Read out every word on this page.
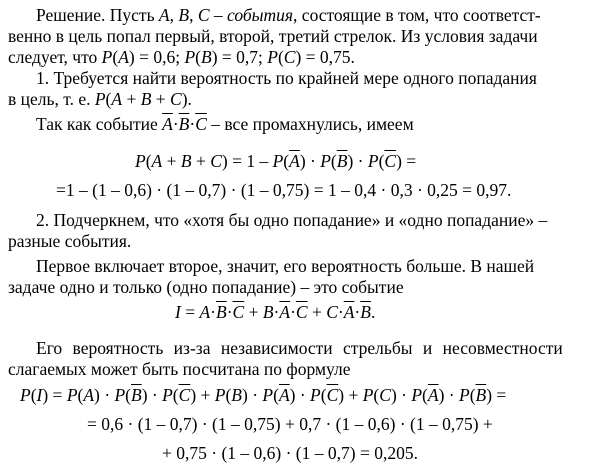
Решение. Пусть A, B, C – события, состоящие в том, что соответст-
венно в цель попал первый, второй, третий стрелок. Из условия задачи
следует, что P(A) = 0,6; P(B) = 0,7; P(C) = 0,75.
1. Требуется найти вероятность по крайней мере одного попадания
в цель, т. е. P(A + B + C).
Так как событие $\overline{A}\cdot\overline{B}\cdot\overline{C}$ – все промахнулись, имеем
$P(A + B + C) = 1 - P(\overline{A}) \cdot P(\overline{B}) \cdot P(\overline{C})$ =
=1 – (1 – 0,6) · (1 – 0,7) · (1 – 0,75) = 1 – 0,4 · 0,3 · 0,25 = 0,97.
2. Подчеркнем, что «хотя бы одно попадание» и «одно попадание» –
разные события.
Первое включает второе, значит, его вероятность больше. В нашей
задаче одно и только (одно попадание) – это событие
$I = A\cdot\overline{B}\cdot\overline{C} + B\cdot\overline{A}\cdot\overline{C} + C\cdot\overline{A}\cdot\overline{B}$.
Его вероятность из-за независимости стрельбы и несовместности
слагаемых может быть посчитана по формуле
$P(I) = P(A) \cdot P(\overline{B}) \cdot P(\overline{C}) + P(B) \cdot P(\overline{A}) \cdot P(\overline{C}) + P(C) \cdot P(\overline{A}) \cdot P(\overline{B})$ =
= 0,6 · (1 – 0,7) · (1 – 0,75) + 0,7 · (1 – 0,6) · (1 – 0,75) +
+ 0,75 · (1 – 0,6) · (1 – 0,7) = 0,205.
